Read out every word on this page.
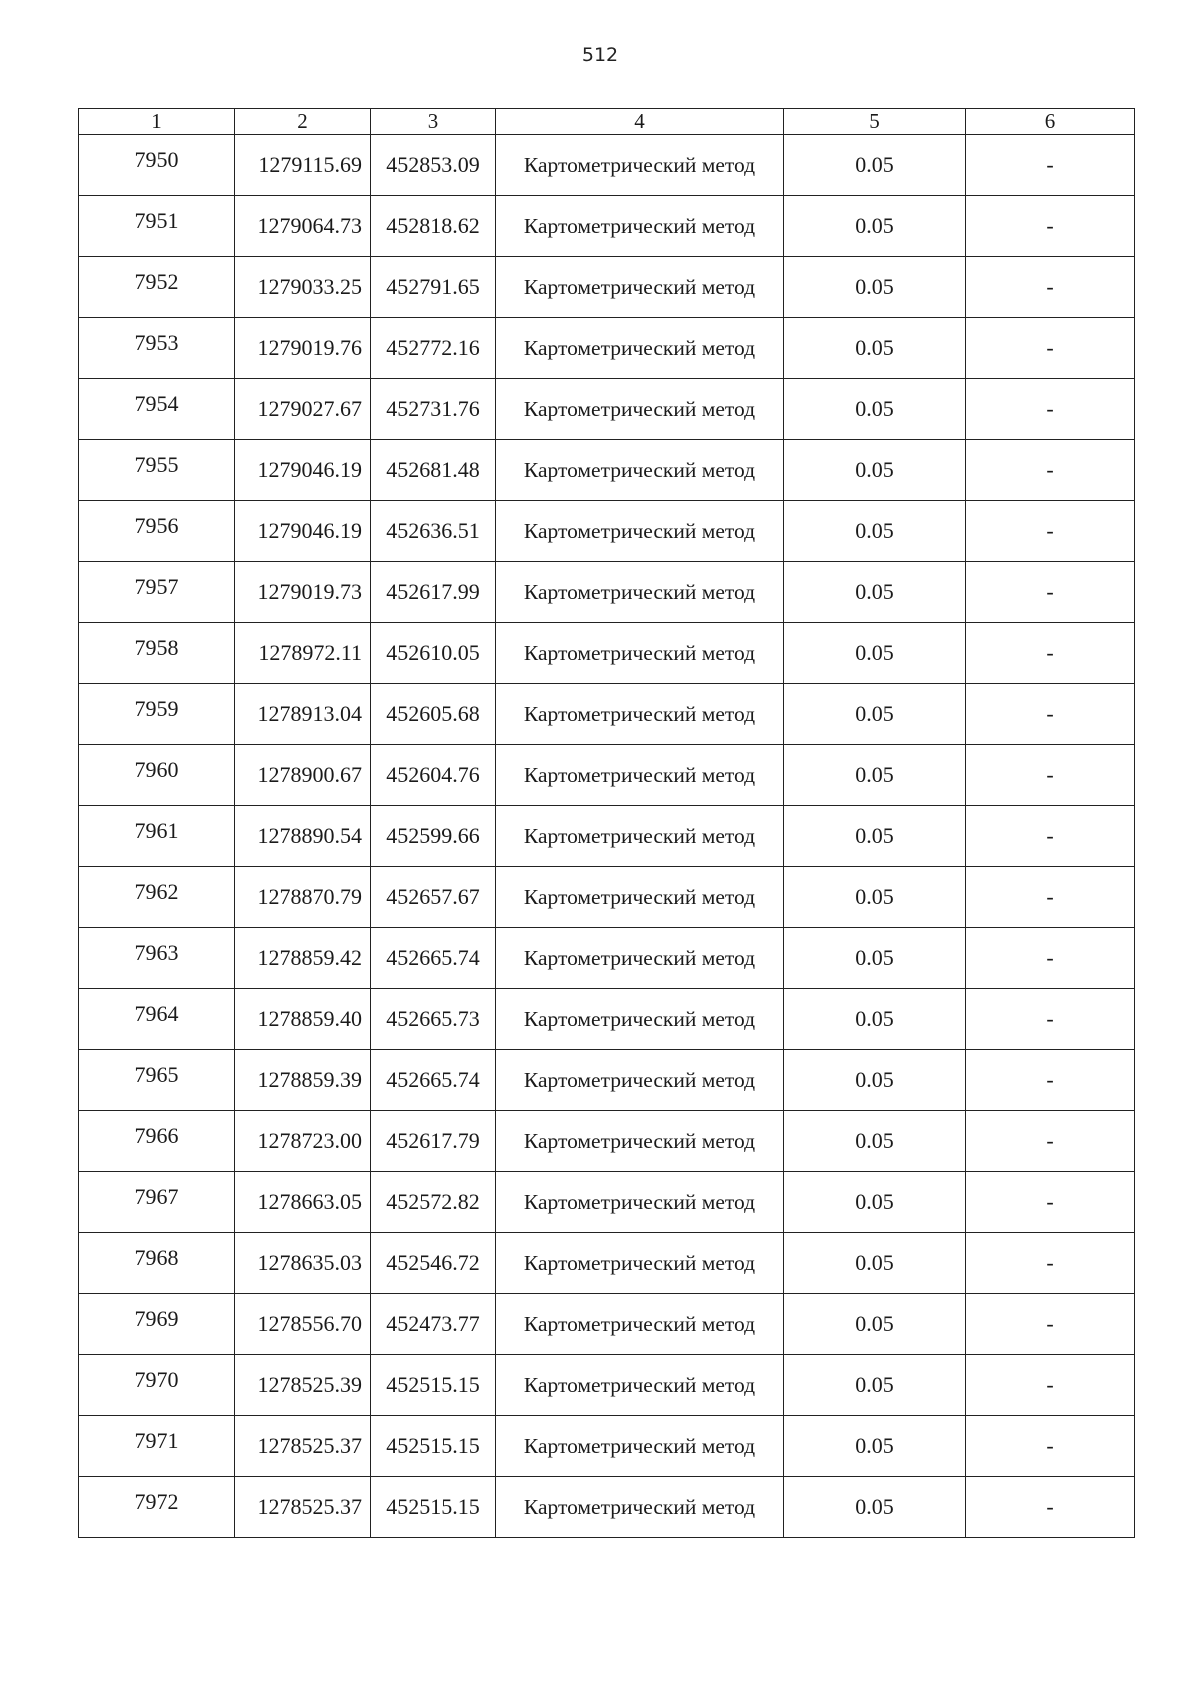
512
1	2	3	4	5	6
7950	1279115.69	452853.09	Картометрический метод	0.05	-
7951	1279064.73	452818.62	Картометрический метод	0.05	-
7952	1279033.25	452791.65	Картометрический метод	0.05	-
7953	1279019.76	452772.16	Картометрический метод	0.05	-
7954	1279027.67	452731.76	Картометрический метод	0.05	-
7955	1279046.19	452681.48	Картометрический метод	0.05	-
7956	1279046.19	452636.51	Картометрический метод	0.05	-
7957	1279019.73	452617.99	Картометрический метод	0.05	-
7958	1278972.11	452610.05	Картометрический метод	0.05	-
7959	1278913.04	452605.68	Картометрический метод	0.05	-
7960	1278900.67	452604.76	Картометрический метод	0.05	-
7961	1278890.54	452599.66	Картометрический метод	0.05	-
7962	1278870.79	452657.67	Картометрический метод	0.05	-
7963	1278859.42	452665.74	Картометрический метод	0.05	-
7964	1278859.40	452665.73	Картометрический метод	0.05	-
7965	1278859.39	452665.74	Картометрический метод	0.05	-
7966	1278723.00	452617.79	Картометрический метод	0.05	-
7967	1278663.05	452572.82	Картометрический метод	0.05	-
7968	1278635.03	452546.72	Картометрический метод	0.05	-
7969	1278556.70	452473.77	Картометрический метод	0.05	-
7970	1278525.39	452515.15	Картометрический метод	0.05	-
7971	1278525.37	452515.15	Картометрический метод	0.05	-
7972	1278525.37	452515.15	Картометрический метод	0.05	-
